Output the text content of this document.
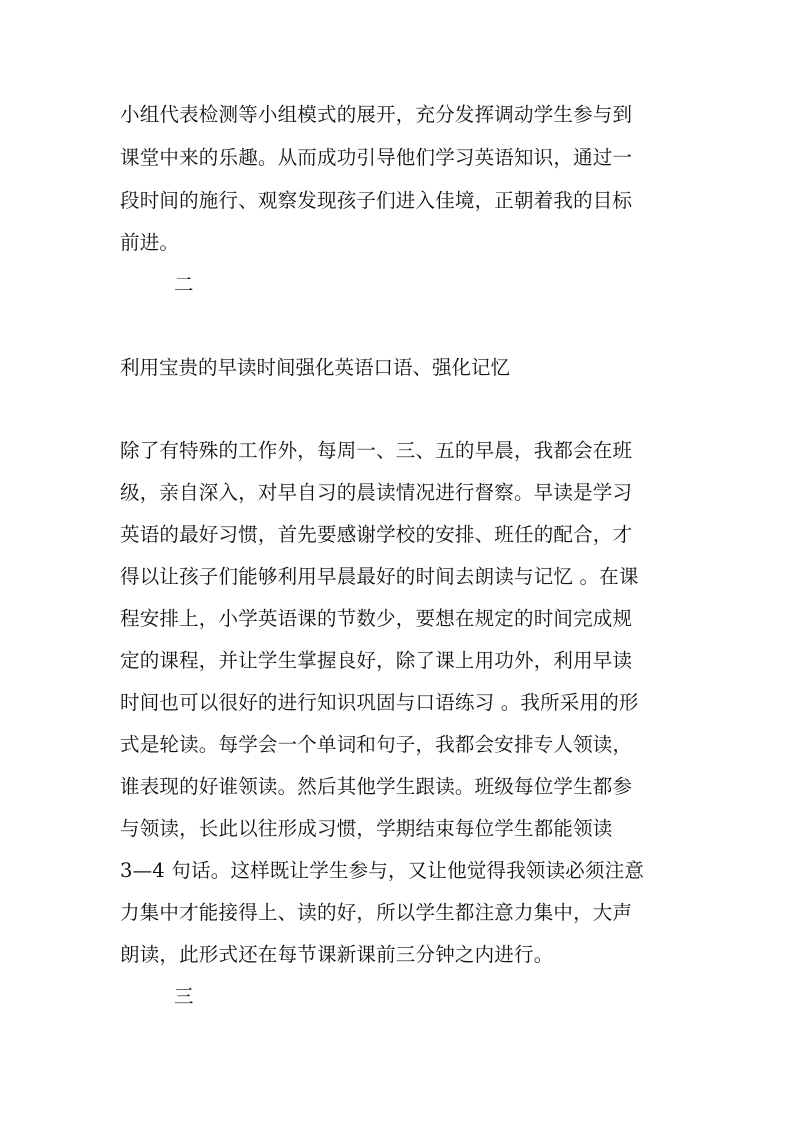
小组代表检测等小组模式的展开，充分发挥调动学生参与到
课堂中来的乐趣。从而成功引导他们学习英语知识，通过一
段时间的施行、观察发现孩子们进入佳境，正朝着我的目标
前进。
二
利用宝贵的早读时间强化英语口语、强化记忆
除了有特殊的工作外，每周一、三、五的早晨，我都会在班
级，亲自深入，对早自习的晨读情况进行督察。早读是学习
英语的最好习惯，首先要感谢学校的安排、班任的配合，才
得以让孩子们能够利用早晨最好的时间去朗读与记忆 。在课
程安排上，小学英语课的节数少，要想在规定的时间完成规
定的课程，并让学生掌握良好，除了课上用功外，利用早读
时间也可以很好的进行知识巩固与口语练习 。我所采用的形
式是轮读。每学会一个单词和句子，我都会安排专人领读，
谁表现的好谁领读。然后其他学生跟读。班级每位学生都参
与领读，长此以往形成习惯，学期结束每位学生都能领读
3—4 句话。这样既让学生参与，又让他觉得我领读必须注意
力集中才能接得上、读的好，所以学生都注意力集中，大声
朗读，此形式还在每节课新课前三分钟之内进行。
三
